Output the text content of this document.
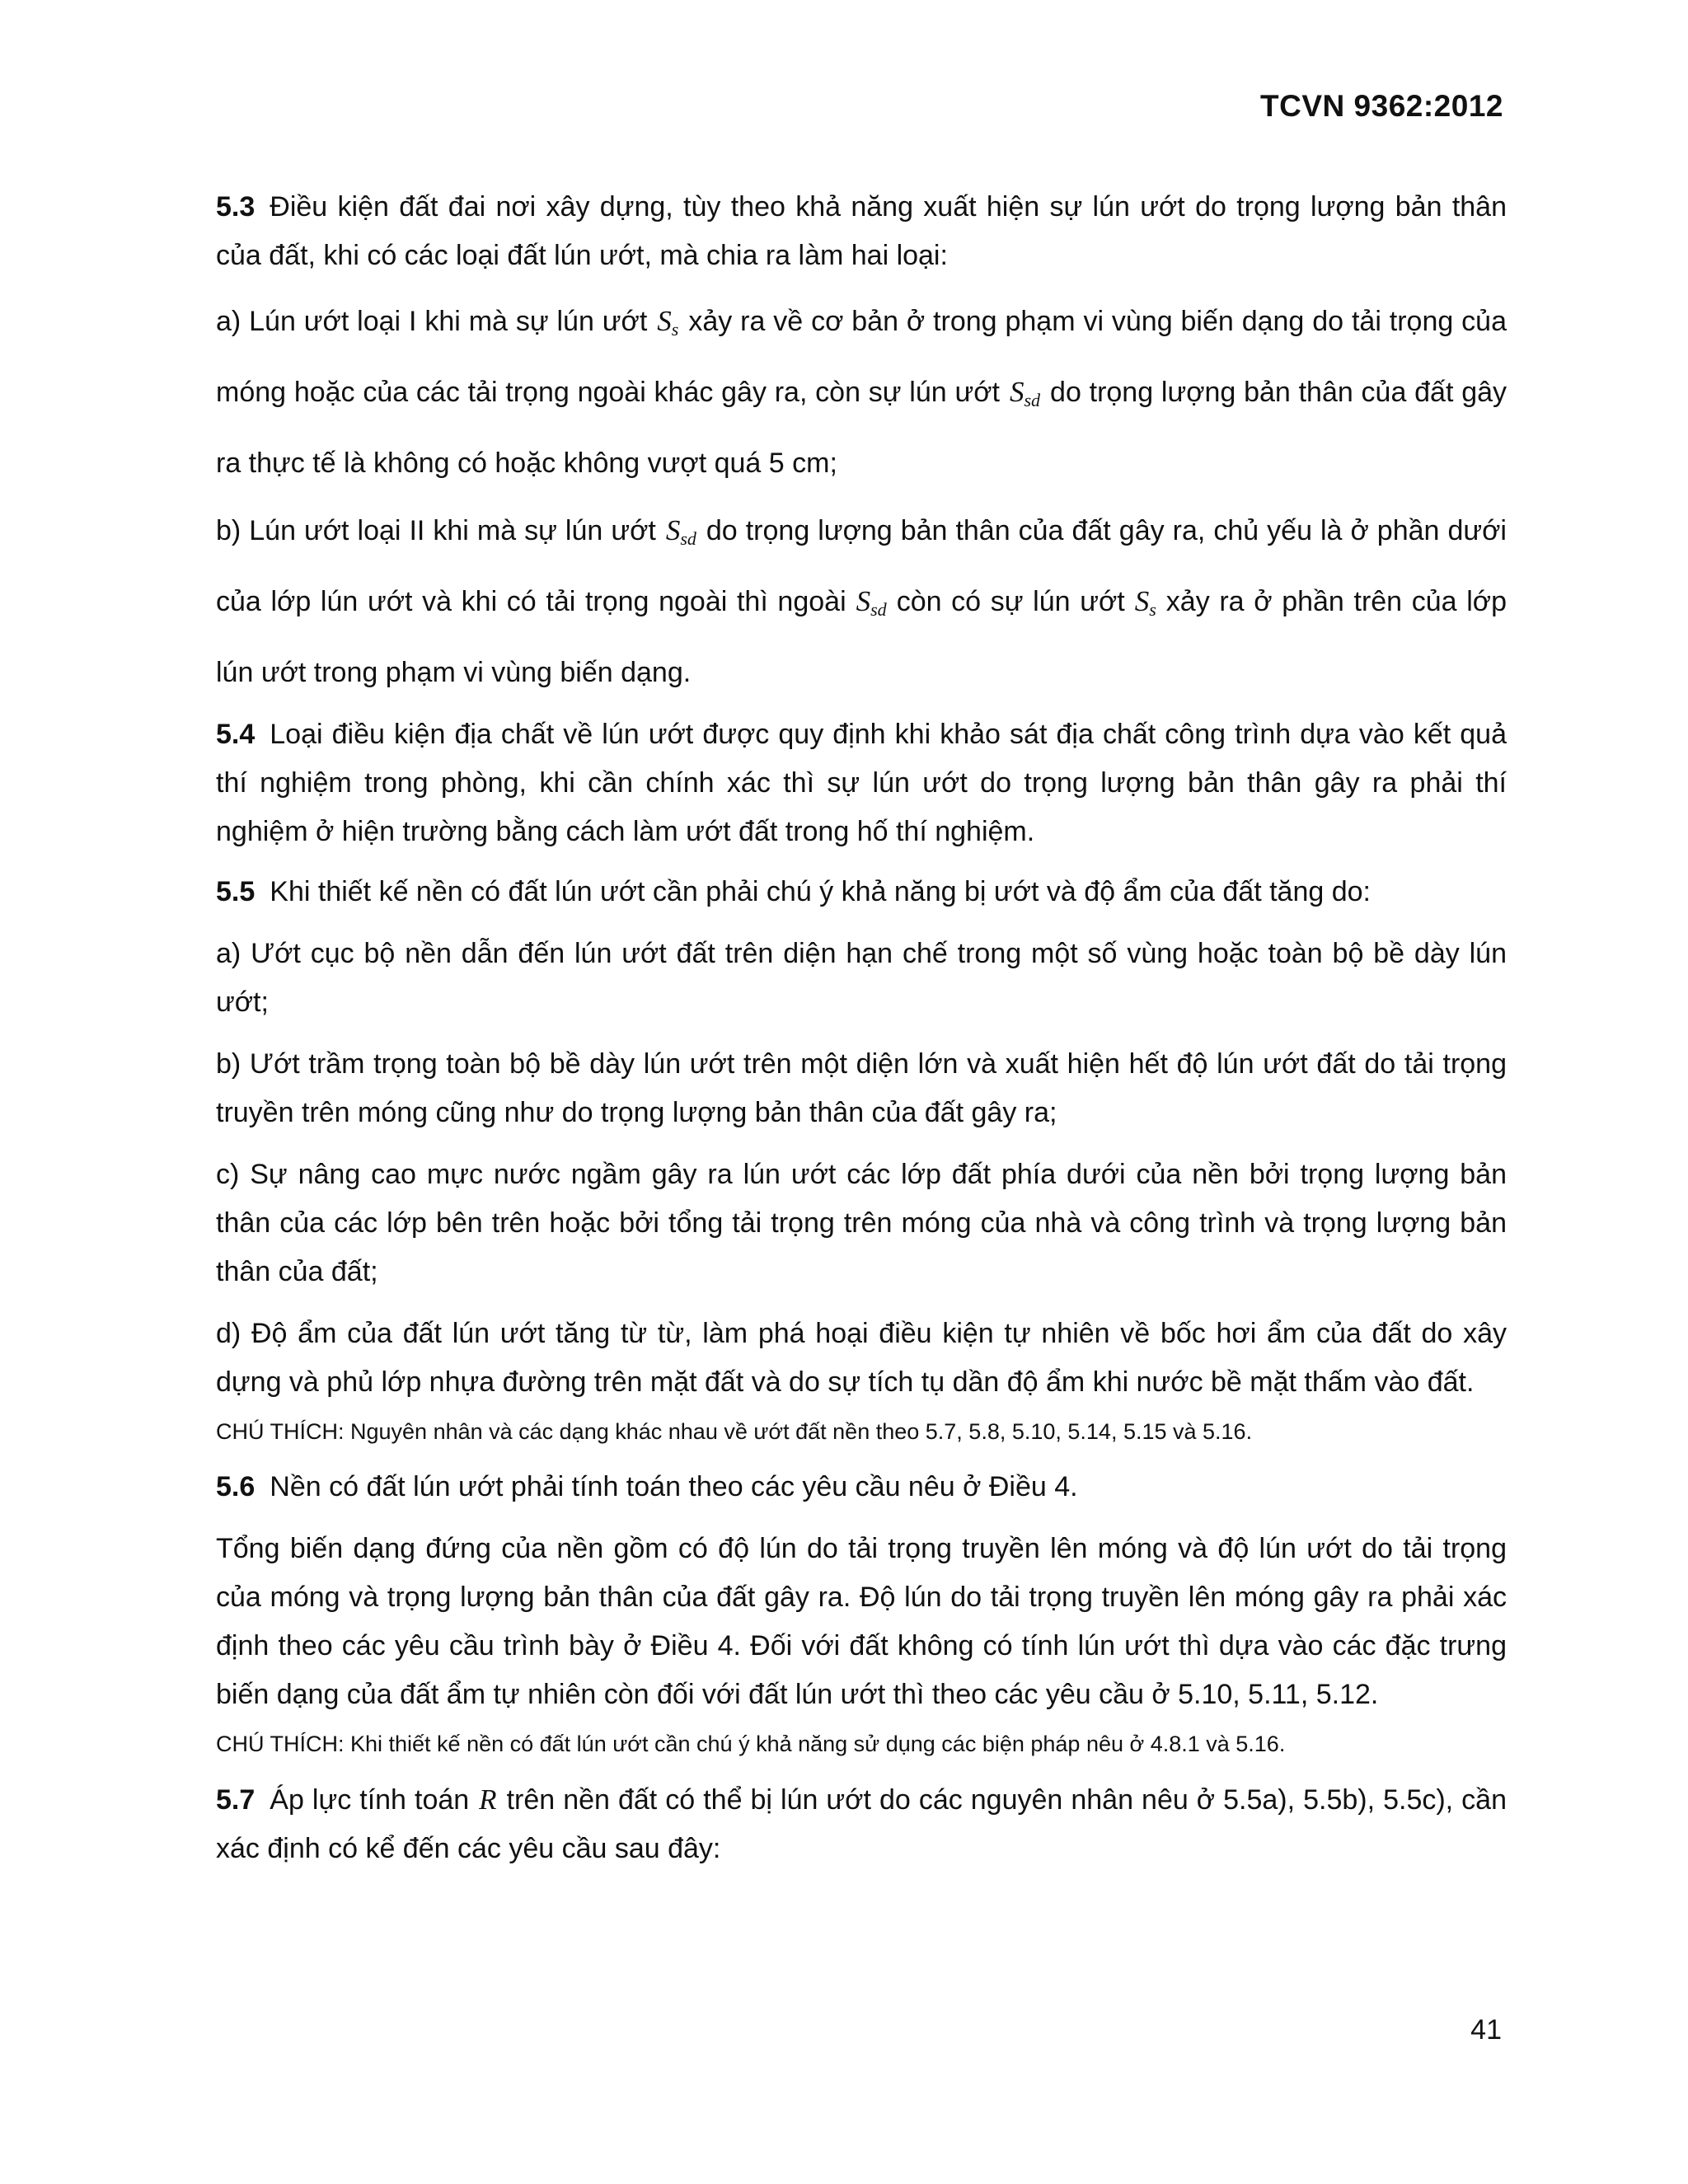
TCVN 9362:2012

5.3 Điều kiện đất đai nơi xây dựng, tùy theo khả năng xuất hiện sự lún ướt do trọng lượng bản thân của đất, khi có các loại đất lún ướt, mà chia ra làm hai loại:

a) Lún ướt loại I khi mà sự lún ướt $S_s$ xảy ra về cơ bản ở trong phạm vi vùng biến dạng do tải trọng của móng hoặc của các tải trọng ngoài khác gây ra, còn sự lún ướt $S_{sd}$ do trọng lượng bản thân của đất gây ra thực tế là không có hoặc không vượt quá 5 cm;

b) Lún ướt loại II khi mà sự lún ướt $S_{sd}$ do trọng lượng bản thân của đất gây ra, chủ yếu là ở phần dưới của lớp lún ướt và khi có tải trọng ngoài thì ngoài $S_{sd}$ còn có sự lún ướt $S_s$ xảy ra ở phần trên của lớp lún ướt trong phạm vi vùng biến dạng.

5.4 Loại điều kiện địa chất về lún ướt được quy định khi khảo sát địa chất công trình dựa vào kết quả thí nghiệm trong phòng, khi cần chính xác thì sự lún ướt do trọng lượng bản thân gây ra phải thí nghiệm ở hiện trường bằng cách làm ướt đất trong hố thí nghiệm.

5.5 Khi thiết kế nền có đất lún ướt cần phải chú ý khả năng bị ướt và độ ẩm của đất tăng do:

a) Ướt cục bộ nền dẫn đến lún ướt đất trên diện hạn chế trong một số vùng hoặc toàn bộ bề dày lún ướt;

b) Ướt trầm trọng toàn bộ bề dày lún ướt trên một diện lớn và xuất hiện hết độ lún ướt đất do tải trọng truyền trên móng cũng như do trọng lượng bản thân của đất gây ra;

c) Sự nâng cao mực nước ngầm gây ra lún ướt các lớp đất phía dưới của nền bởi trọng lượng bản thân của các lớp bên trên hoặc bởi tổng tải trọng trên móng của nhà và công trình và trọng lượng bản thân của đất;

d) Độ ẩm của đất lún ướt tăng từ từ, làm phá hoại điều kiện tự nhiên về bốc hơi ẩm của đất do xây dựng và phủ lớp nhựa đường trên mặt đất và do sự tích tụ dần độ ẩm khi nước bề mặt thấm vào đất.

CHÚ THÍCH: Nguyên nhân và các dạng khác nhau về ướt đất nền theo 5.7, 5.8, 5.10, 5.14, 5.15 và 5.16.

5.6 Nền có đất lún ướt phải tính toán theo các yêu cầu nêu ở Điều 4.

Tổng biến dạng đứng của nền gồm có độ lún do tải trọng truyền lên móng và độ lún ướt do tải trọng của móng và trọng lượng bản thân của đất gây ra. Độ lún do tải trọng truyền lên móng gây ra phải xác định theo các yêu cầu trình bày ở Điều 4. Đối với đất không có tính lún ướt thì dựa vào các đặc trưng biến dạng của đất ẩm tự nhiên còn đối với đất lún ướt thì theo các yêu cầu ở 5.10, 5.11, 5.12.

CHÚ THÍCH: Khi thiết kế nền có đất lún ướt cần chú ý khả năng sử dụng các biện pháp nêu ở 4.8.1 và 5.16.

5.7 Áp lực tính toán R trên nền đất có thể bị lún ướt do các nguyên nhân nêu ở 5.5a), 5.5b), 5.5c), cần xác định có kể đến các yêu cầu sau đây:

41
